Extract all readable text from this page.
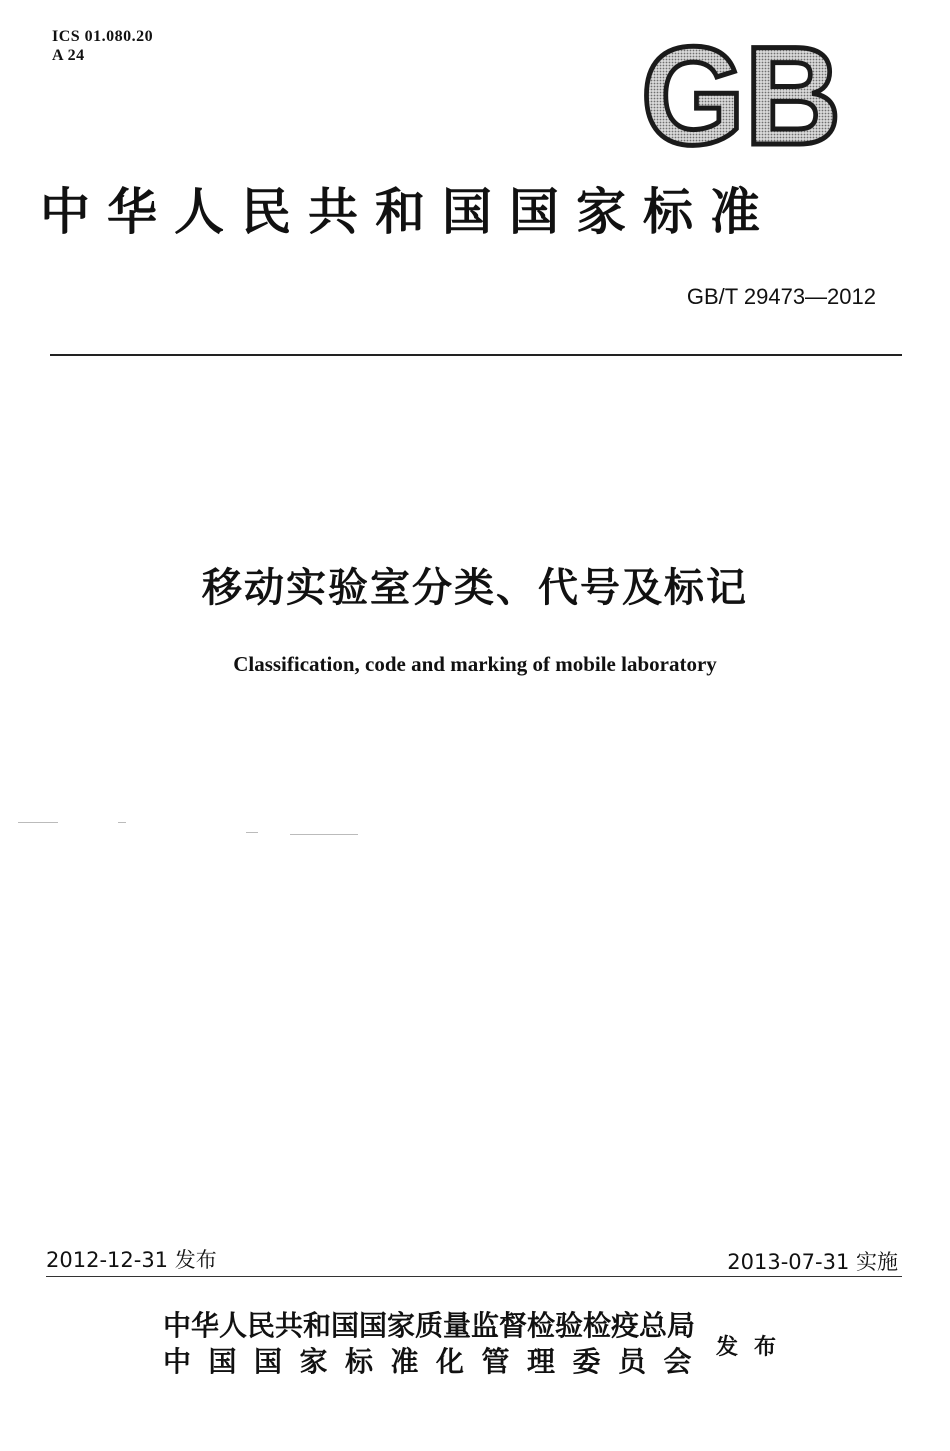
ICS 01.080.20
A 24	GB
中华人民共和国国家标准
GB/T 29473—2012
移动实验室分类、代号及标记
Classification, code and marking of mobile laboratory
2012-12-31 发布	2013-07-31 实施
中华人民共和国国家质量监督检验检疫总局
中国国家标准化管理委员会 发布
